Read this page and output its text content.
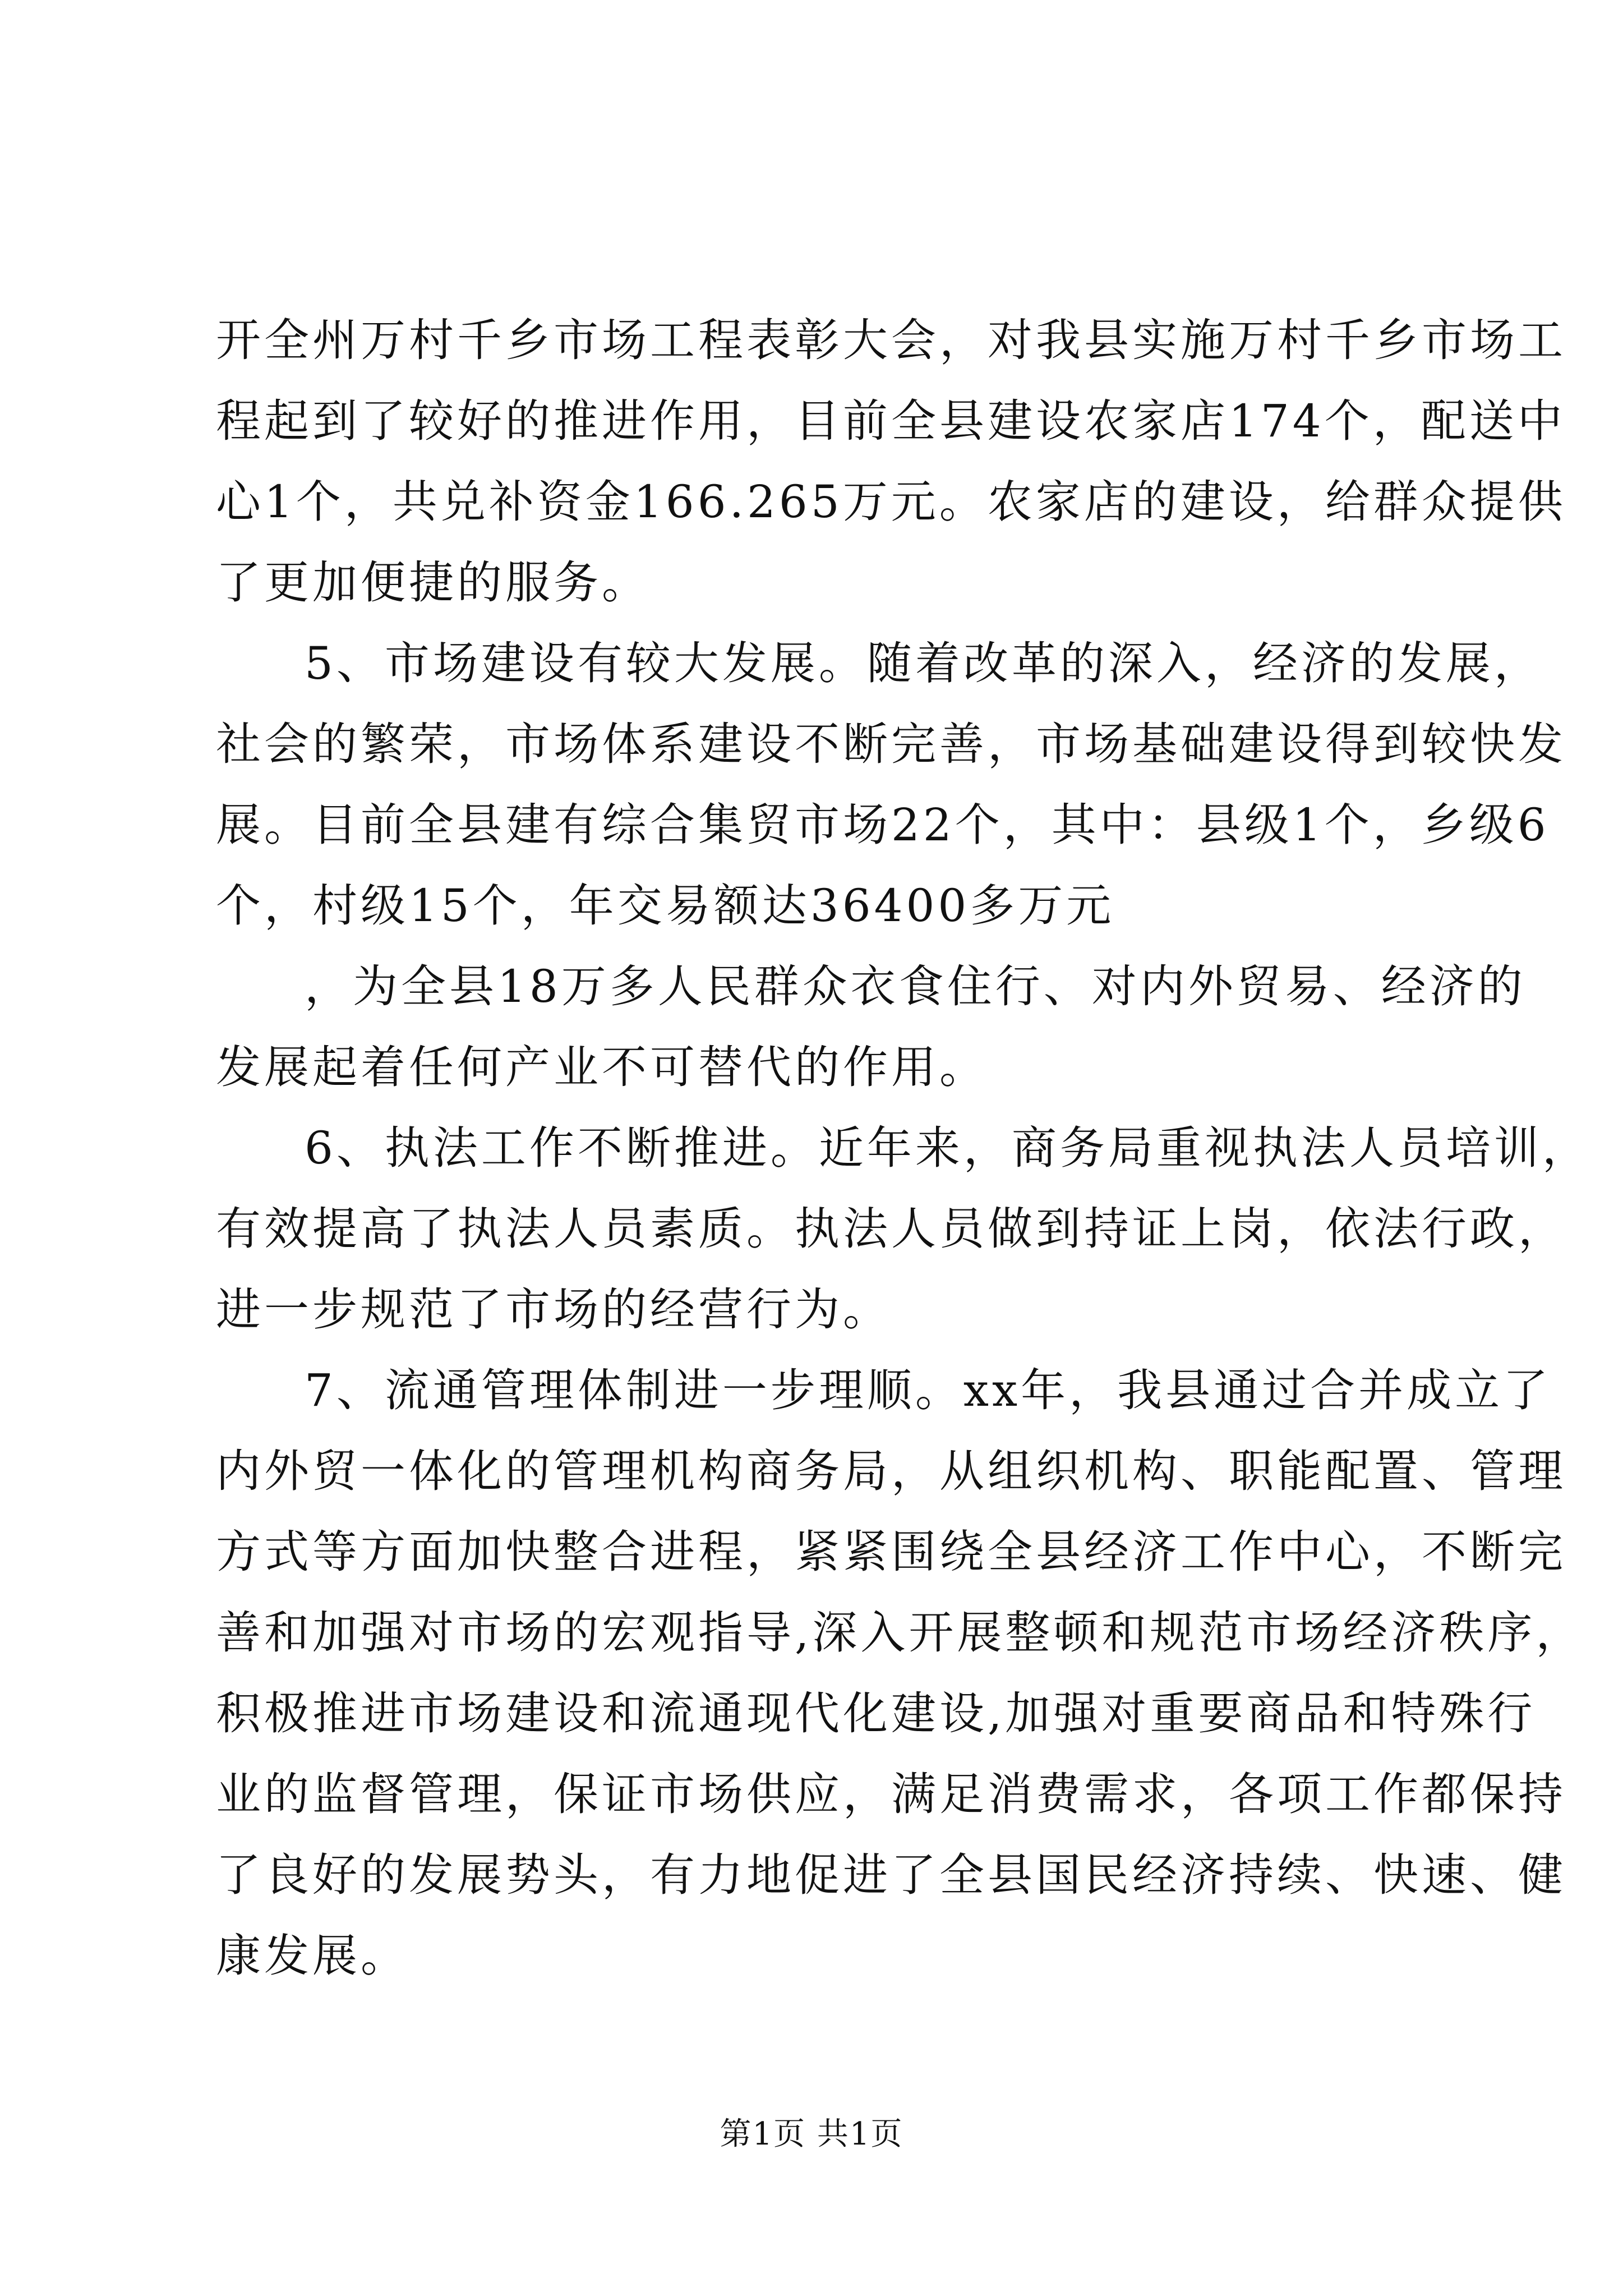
开全州万村千乡市场工程表彰大会，对我县实施万村千乡市场工
程起到了较好的推进作用，目前全县建设农家店174个，配送中
心1个，共兑补资金166.265万元。农家店的建设，给群众提供
了更加便捷的服务。
5、市场建设有较大发展。随着改革的深入，经济的发展，
社会的繁荣，市场体系建设不断完善，市场基础建设得到较快发
展。目前全县建有综合集贸市场22个，其中：县级1个，乡级6
个，村级15个，年交易额达36400多万元
，为全县18万多人民群众衣食住行、对内外贸易、经济的
发展起着任何产业不可替代的作用。
6、执法工作不断推进。近年来，商务局重视执法人员培训，
有效提高了执法人员素质。执法人员做到持证上岗，依法行政，
进一步规范了市场的经营行为。
7、流通管理体制进一步理顺。xx年，我县通过合并成立了
内外贸一体化的管理机构商务局，从组织机构、职能配置、管理
方式等方面加快整合进程，紧紧围绕全县经济工作中心，不断完
善和加强对市场的宏观指导,深入开展整顿和规范市场经济秩序，
积极推进市场建设和流通现代化建设,加强对重要商品和特殊行
业的监督管理，保证市场供应，满足消费需求，各项工作都保持
了良好的发展势头，有力地促进了全县国民经济持续、快速、健
康发展。
第1页 共1页
